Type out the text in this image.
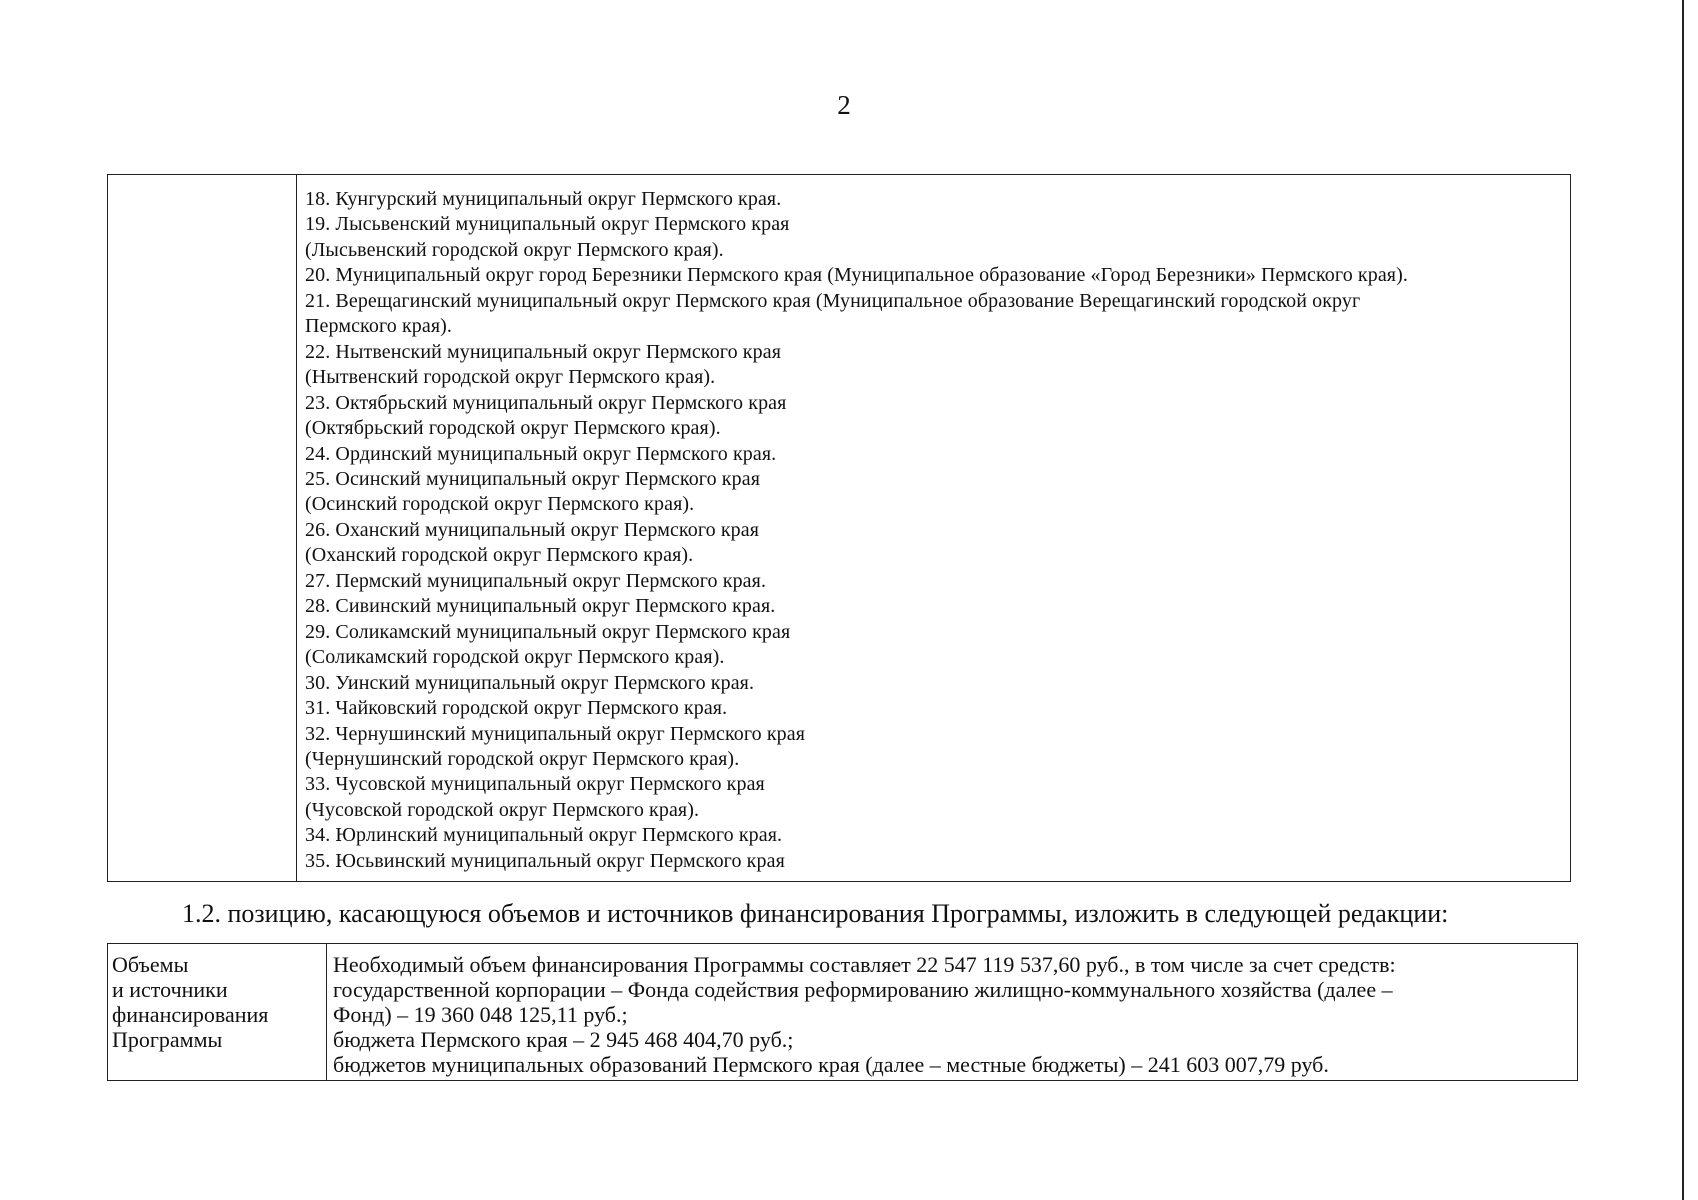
2
18. Кунгурский муниципальный округ Пермского края.
19. Лысьвенский муниципальный округ Пермского края
(Лысьвенский городской округ Пермского края).
20. Муниципальный округ город Березники Пермского края (Муниципальное образование «Город Березники» Пермского края).
21. Верещагинский муниципальный округ Пермского края (Муниципальное образование Верещагинский городской округ
Пермского края).
22. Нытвенский муниципальный округ Пермского края
(Нытвенский городской округ Пермского края).
23. Октябрьский муниципальный округ Пермского края
(Октябрьский городской округ Пермского края).
24. Ординский муниципальный округ Пермского края.
25. Осинский муниципальный округ Пермского края
(Осинский городской округ Пермского края).
26. Оханский муниципальный округ Пермского края
(Оханский городской округ Пермского края).
27. Пермский муниципальный округ Пермского края.
28. Сивинский муниципальный округ Пермского края.
29. Соликамский муниципальный округ Пермского края
(Соликамский городской округ Пермского края).
30. Уинский муниципальный округ Пермского края.
31. Чайковский городской округ Пермского края.
32. Чернушинский муниципальный округ Пермского края
(Чернушинский городской округ Пермского края).
33. Чусовской муниципальный округ Пермского края
(Чусовской городской округ Пермского края).
34. Юрлинский муниципальный округ Пермского края.
35. Юсьвинский муниципальный округ Пермского края
1.2. позицию, касающуюся объемов и источников финансирования Программы, изложить в следующей редакции:
Объемы
и источники
финансирования
Программы
Необходимый объем финансирования Программы составляет 22 547 119 537,60 руб., в том числе за счет средств:
государственной корпорации – Фонда содействия реформированию жилищно-коммунального хозяйства (далее –
Фонд) – 19 360 048 125,11 руб.;
бюджета Пермского края – 2 945 468 404,70 руб.;
бюджетов муниципальных образований Пермского края (далее – местные бюджеты) – 241 603 007,79 руб.
